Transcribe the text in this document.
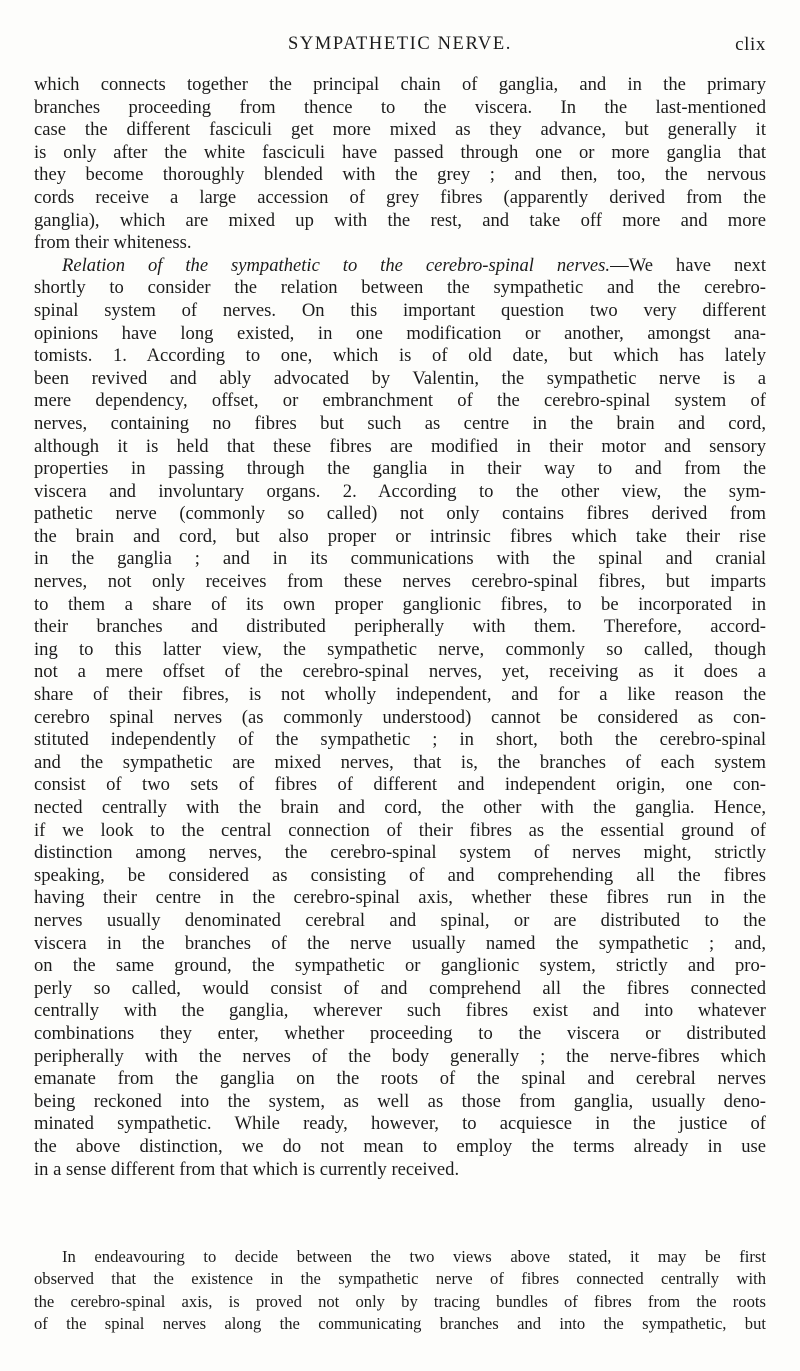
SYMPATHETIC NERVE.	clix
which connects together the principal chain of ganglia, and in the primary
branches proceeding from thence to the viscera. In the last-mentioned
case the different fasciculi get more mixed as they advance, but generally it
is only after the white fasciculi have passed through one or more ganglia that
they become thoroughly blended with the grey ; and then, too, the nervous
cords receive a large accession of grey fibres (apparently derived from the
ganglia), which are mixed up with the rest, and take off more and more
from their whiteness.
Relation of the sympathetic to the cerebro-spinal nerves.—We have next
shortly to consider the relation between the sympathetic and the cerebro-
spinal system of nerves. On this important question two very different
opinions have long existed, in one modification or another, amongst ana-
tomists. 1. According to one, which is of old date, but which has lately
been revived and ably advocated by Valentin, the sympathetic nerve is a
mere dependency, offset, or embranchment of the cerebro-spinal system of
nerves, containing no fibres but such as centre in the brain and cord,
although it is held that these fibres are modified in their motor and sensory
properties in passing through the ganglia in their way to and from the
viscera and involuntary organs. 2. According to the other view, the sym-
pathetic nerve (commonly so called) not only contains fibres derived from
the brain and cord, but also proper or intrinsic fibres which take their rise
in the ganglia ; and in its communications with the spinal and cranial
nerves, not only receives from these nerves cerebro-spinal fibres, but imparts
to them a share of its own proper ganglionic fibres, to be incorporated in
their branches and distributed peripherally with them. Therefore, accord-
ing to this latter view, the sympathetic nerve, commonly so called, though
not a mere offset of the cerebro-spinal nerves, yet, receiving as it does a
share of their fibres, is not wholly independent, and for a like reason the
cerebro spinal nerves (as commonly understood) cannot be considered as con-
stituted independently of the sympathetic ; in short, both the cerebro-spinal
and the sympathetic are mixed nerves, that is, the branches of each system
consist of two sets of fibres of different and independent origin, one con-
nected centrally with the brain and cord, the other with the ganglia. Hence,
if we look to the central connection of their fibres as the essential ground of
distinction among nerves, the cerebro-spinal system of nerves might, strictly
speaking, be considered as consisting of and comprehending all the fibres
having their centre in the cerebro-spinal axis, whether these fibres run in the
nerves usually denominated cerebral and spinal, or are distributed to the
viscera in the branches of the nerve usually named the sympathetic ; and,
on the same ground, the sympathetic or ganglionic system, strictly and pro-
perly so called, would consist of and comprehend all the fibres connected
centrally with the ganglia, wherever such fibres exist and into whatever
combinations they enter, whether proceeding to the viscera or distributed
peripherally with the nerves of the body generally ; the nerve-fibres which
emanate from the ganglia on the roots of the spinal and cerebral nerves
being reckoned into the system, as well as those from ganglia, usually deno-
minated sympathetic. While ready, however, to acquiesce in the justice of
the above distinction, we do not mean to employ the terms already in use
in a sense different from that which is currently received.
In endeavouring to decide between the two views above stated, it may be first
observed that the existence in the sympathetic nerve of fibres connected centrally with
the cerebro-spinal axis, is proved not only by tracing bundles of fibres from the roots
of the spinal nerves along the communicating branches and into the sympathetic, but
